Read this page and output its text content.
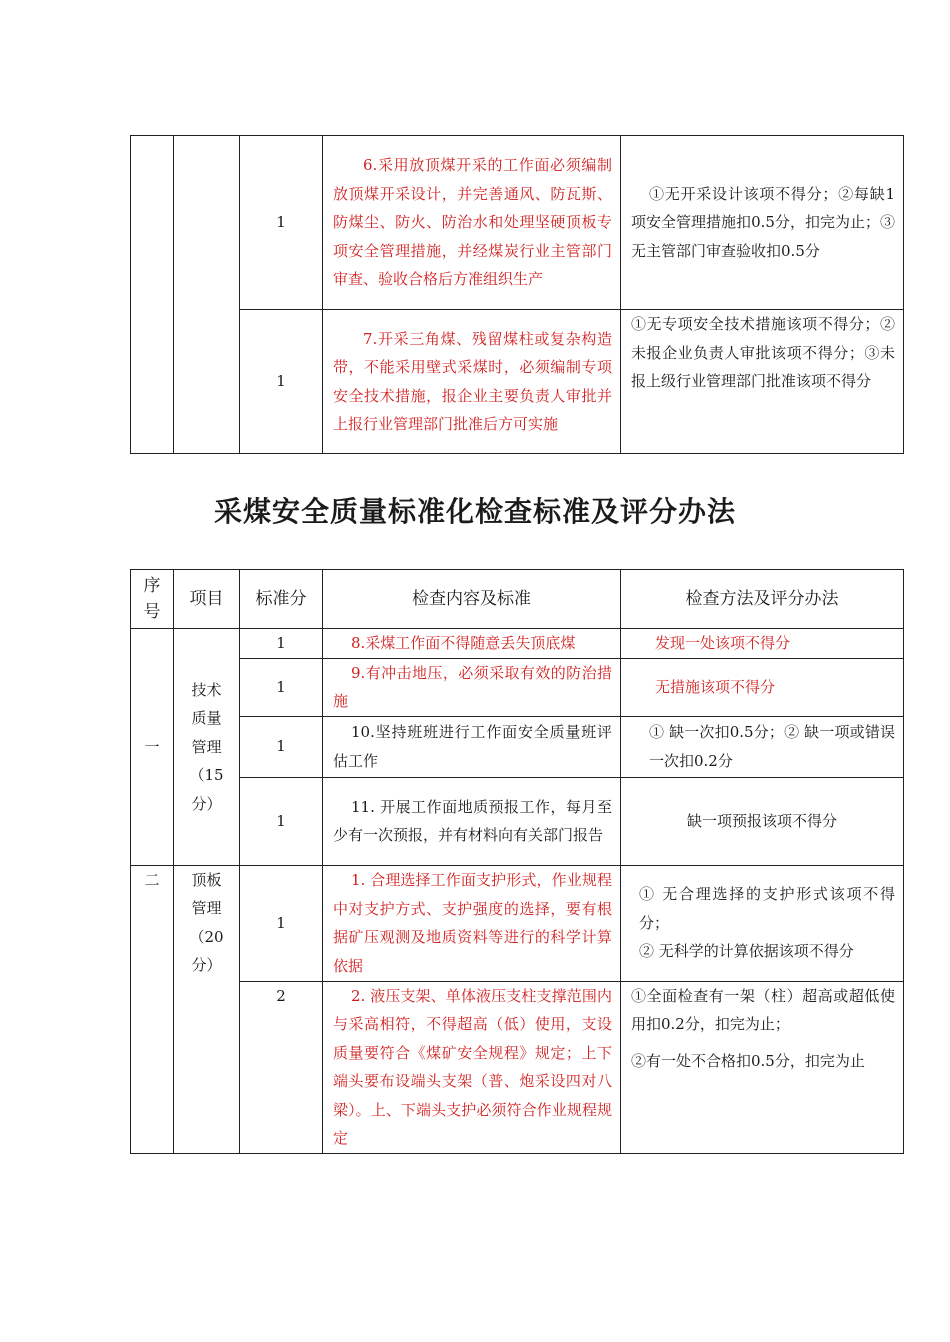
		1	6.采用放顶煤开采的工作面必须编制放顶煤开采设计，并完善通风、防瓦斯、防煤尘、防火、防治水和处理坚硬顶板专项安全管理措施，并经煤炭行业主管部门审查、验收合格后方准组织生产	①无开采设计该项不得分；②每缺1项安全管理措施扣0.5分，扣完为止；③无主管部门审查验收扣0.5分
		1	7.开采三角煤、残留煤柱或复杂构造带，不能采用壁式采煤时，必须编制专项安全技术措施，报企业主要负责人审批并上报行业管理部门批准后方可实施	①无专项安全技术措施该项不得分；②未报企业负责人审批该项不得分；③未报上级行业管理部门批准该项不得分
采煤安全质量标准化检查标准及评分办法
序号	项目	标准分	检查内容及标准	检查方法及评分办法
一	技术质量管理（15分）	1	8.采煤工作面不得随意丢失顶底煤	发现一处该项不得分
		1	9.有冲击地压，必须采取有效的防治措施	无措施该项不得分
		1	10.坚持班班进行工作面安全质量班评估工作	① 缺一次扣0.5分；② 缺一项或错误一次扣0.2分
		1	11. 开展工作面地质预报工作，每月至少有一次预报，并有材料向有关部门报告	缺一项预报该项不得分
二	顶板管理（20分）	1	1. 合理选择工作面支护形式，作业规程中对支护方式、支护强度的选择，要有根据矿压观测及地质资料等进行的科学计算依据	① 无合理选择的支护形式该项不得分；
② 无科学的计算依据该项不得分

		2	2. 液压支架、单体液压支柱支撑范围内与采高相符，不得超高（低）使用，支设质量要符合《煤矿安全规程》规定；上下端头要布设端头支架（普、炮采设四对八梁）。上、下端头支护必须符合作业规程规定	①全面检查有一架（柱）超高或超低使用扣0.2分，扣完为止；
②有一处不合格扣0.5分，扣完为止
